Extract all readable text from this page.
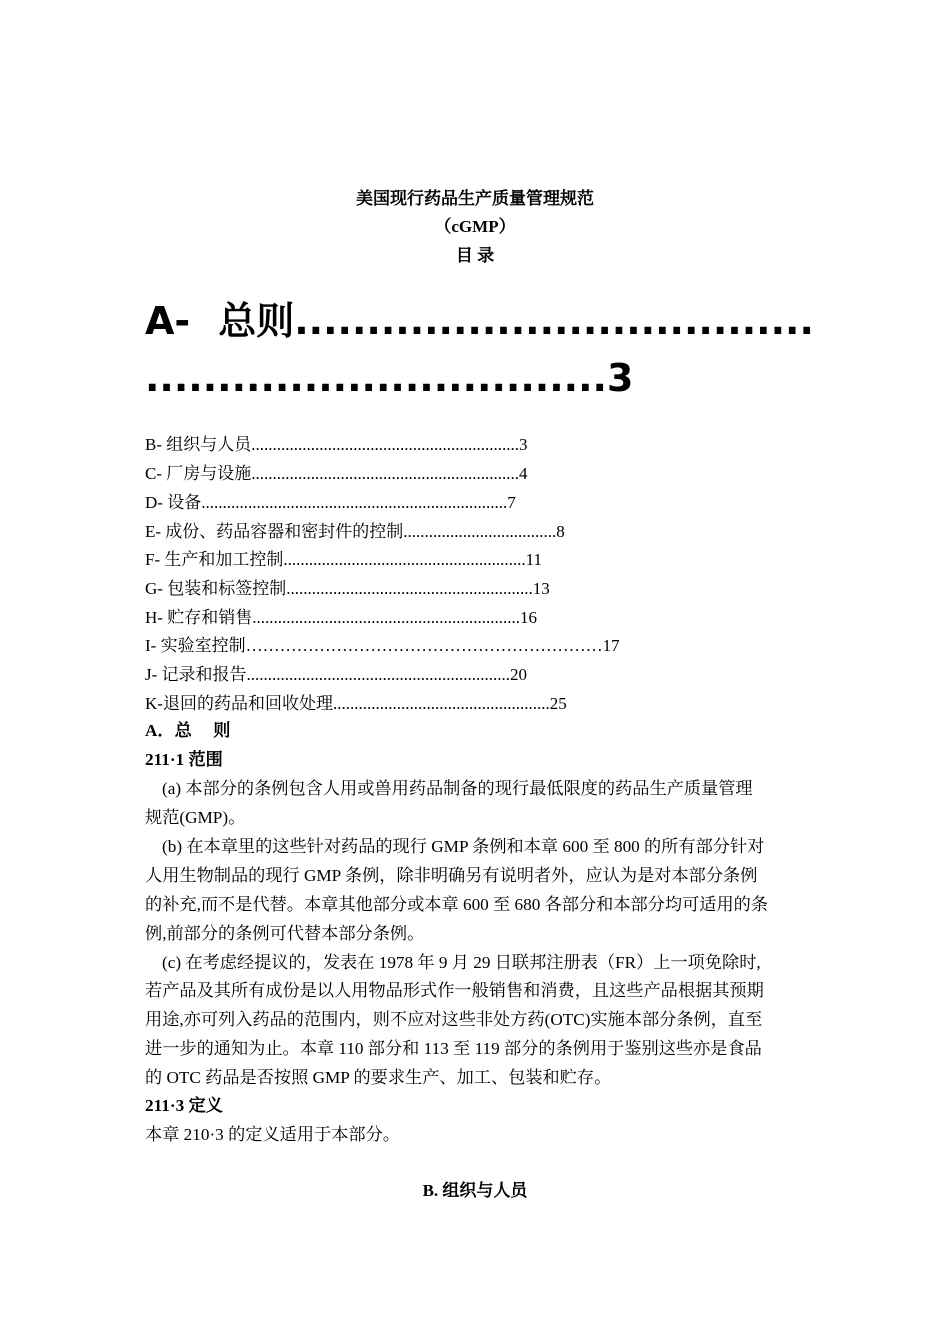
美国现行药品生产质量管理规范
（cGMP）
目 录
A- 总则....................................
................................3
B- 组织与人员...............................................................3
C- 厂房与设施...............................................................4
D- 设备........................................................................7
E- 成份、药品容器和密封件的控制....................................8
F- 生产和加工控制.........................................................11
G- 包装和标签控制..........................................................13
H- 贮存和销售...............................................................16
I- 实验室控制………………………………………………………17
J- 记录和报告..............................................................20
K-退回的药品和回收处理...................................................25
A．总　 则
211·1 范围
(a) 本部分的条例包含人用或兽用药品制备的现行最低限度的药品生产质量管理
规范(GMP)。
(b) 在本章里的这些针对药品的现行 GMP 条例和本章 600 至 800 的所有部分针对
人用生物制品的现行 GMP 条例，除非明确另有说明者外，应认为是对本部分条例
的补充,而不是代替。本章其他部分或本章 600 至 680 各部分和本部分均可适用的条
例,前部分的条例可代替本部分条例。
(c) 在考虑经提议的，发表在 1978 年 9 月 29 日联邦注册表（FR）上一项免除时,
若产品及其所有成份是以人用物品形式作一般销售和消费，且这些产品根据其预期
用途,亦可列入药品的范围内，则不应对这些非处方药(OTC)实施本部分条例，直至
进一步的通知为止。本章 110 部分和 113 至 119 部分的条例用于鉴别这些亦是食品
的 OTC 药品是否按照 GMP 的要求生产、加工、包装和贮存。
211·3 定义
本章 210·3 的定义适用于本部分。
B. 组织与人员
